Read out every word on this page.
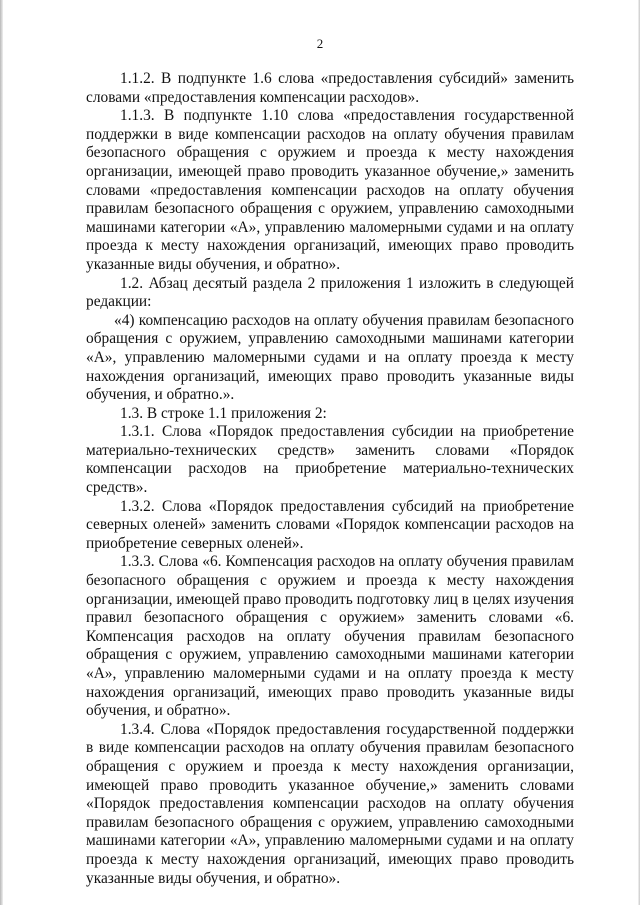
2

1.1.2. В подпункте 1.6 слова «предоставления субсидий» заменить словами «предоставления компенсации расходов».

1.1.3. В подпункте 1.10 слова «предоставления государственной поддержки в виде компенсации расходов на оплату обучения правилам безопасного обращения с оружием и проезда к месту нахождения организации, имеющей право проводить указанное обучение,» заменить словами «предоставления компенсации расходов на оплату обучения правилам безопасного обращения с оружием, управлению самоходными машинами категории «А», управлению маломерными судами и на оплату проезда к месту нахождения организаций, имеющих право проводить указанные виды обучения, и обратно».

1.2. Абзац десятый раздела 2 приложения 1 изложить в следующей редакции:

«4) компенсацию расходов на оплату обучения правилам безопасного обращения с оружием, управлению самоходными машинами категории «А», управлению маломерными судами и на оплату проезда к месту нахождения организаций, имеющих право проводить указанные виды обучения, и обратно.».

1.3. В строке 1.1 приложения 2:

1.3.1. Слова «Порядок предоставления субсидии на приобретение материально-технических средств» заменить словами «Порядок компенсации расходов на приобретение материально-технических средств».

1.3.2. Слова «Порядок предоставления субсидий на приобретение северных оленей» заменить словами «Порядок компенсации расходов на приобретение северных оленей».

1.3.3. Слова «6. Компенсация расходов на оплату обучения правилам безопасного обращения с оружием и проезда к месту нахождения организации, имеющей право проводить подготовку лиц в целях изучения правил безопасного обращения с оружием» заменить словами «6. Компенсация расходов на оплату обучения правилам безопасного обращения с оружием, управлению самоходными машинами категории «А», управлению маломерными судами и на оплату проезда к месту нахождения организаций, имеющих право проводить указанные виды обучения, и обратно».

1.3.4. Слова «Порядок предоставления государственной поддержки в виде компенсации расходов на оплату обучения правилам безопасного обращения с оружием и проезда к месту нахождения организации, имеющей право проводить указанное обучение,» заменить словами «Порядок предоставления компенсации расходов на оплату обучения правилам безопасного обращения с оружием, управлению самоходными машинами категории «А», управлению маломерными судами и на оплату проезда к месту нахождения организаций, имеющих право проводить указанные виды обучения, и обратно».
